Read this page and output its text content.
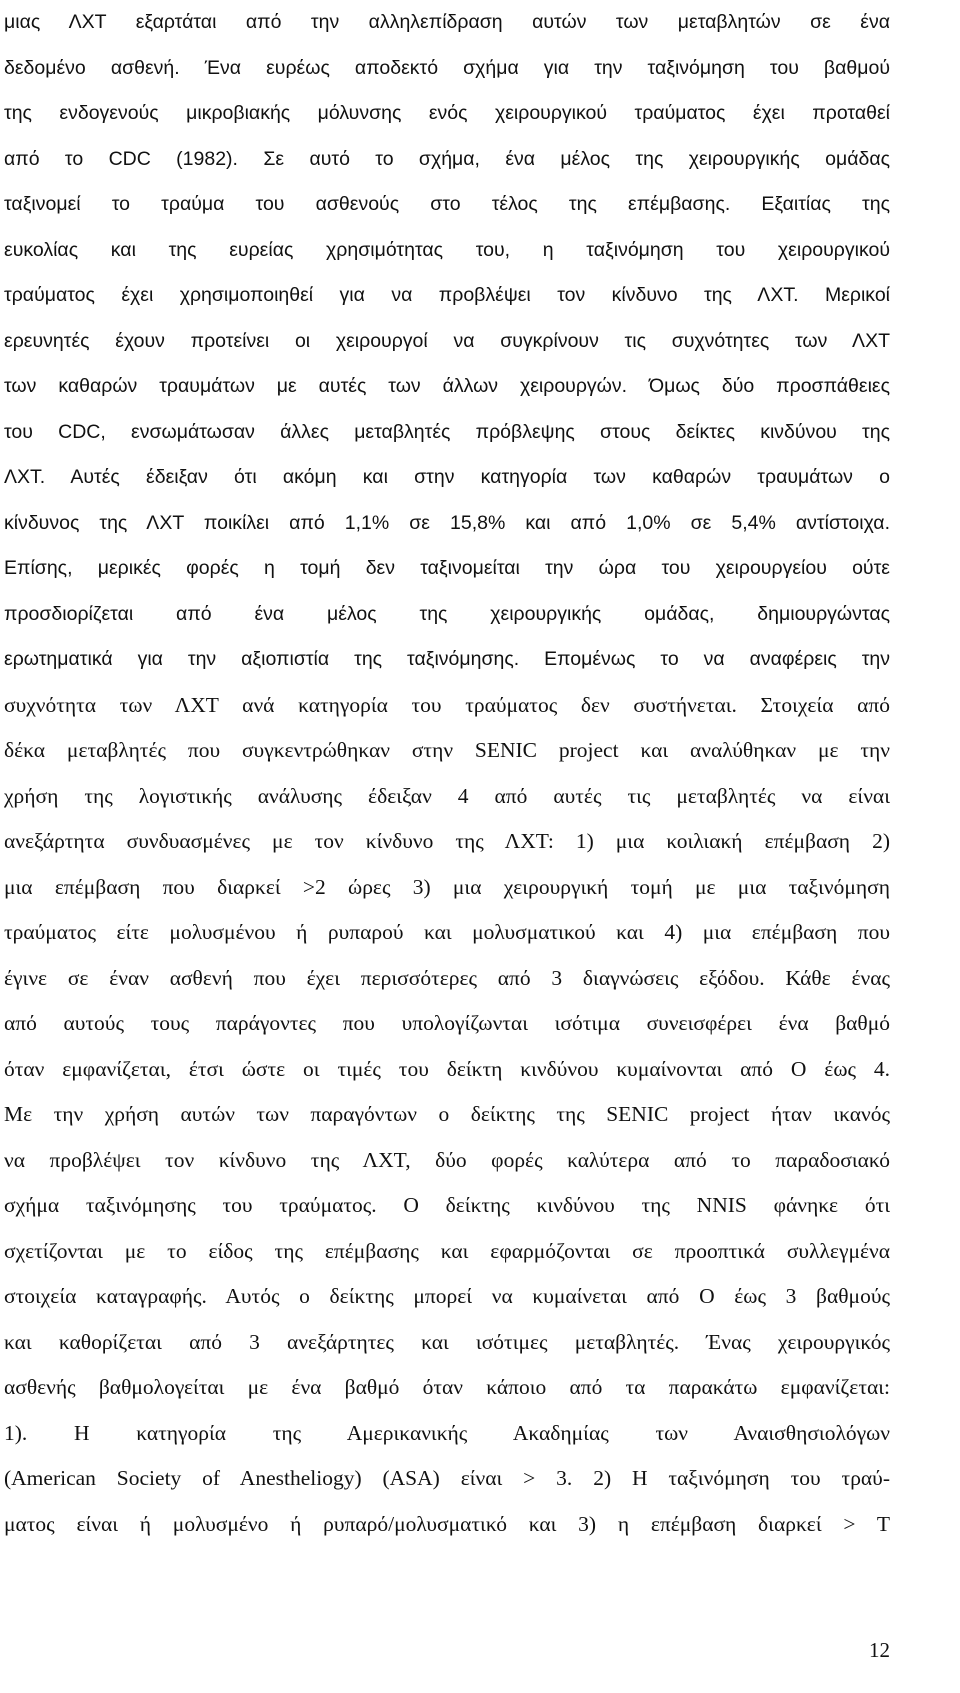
μιας ΛΧΤ εξαρτάται από την αλληλεπίδραση αυτών των μεταβλητών σε ένα
δεδομένο ασθενή. Ένα ευρέως αποδεκτό σχήμα για την ταξινόμηση του βαθμού
της ενδογενούς μικροβιακής μόλυνσης ενός χειρουργικού τραύματος έχει προταθεί
από το CDC (1982). Σε αυτό το σχήμα, ένα μέλος της χειρουργικής ομάδας
ταξινομεί το τραύμα του ασθενούς στο τέλος της επέμβασης. Εξαιτίας της
ευκολίας και της ευρείας χρησιμότητας του, η ταξινόμηση του χειρουργικού
τραύματος έχει χρησιμοποιηθεί για να προβλέψει τον κίνδυνο της ΛΧΤ. Μερικοί
ερευνητές έχουν προτείνει οι χειρουργοί να συγκρίνουν τις συχνότητες των ΛΧΤ
των καθαρών τραυμάτων με αυτές των άλλων χειρουργών. Όμως δύο προσπάθειες
του CDC, ενσωμάτωσαν άλλες μεταβλητές πρόβλεψης στους δείκτες κινδύνου της
ΛΧΤ. Αυτές έδειξαν ότι ακόμη και στην κατηγορία των καθαρών τραυμάτων ο
κίνδυνος της ΛΧΤ ποικίλει από 1,1% σε 15,8% και από 1,0% σε 5,4% αντίστοιχα.
Επίσης, μερικές φορές η τομή δεν ταξινομείται την ώρα του χειρουργείου ούτε
προσδιορίζεται από ένα μέλος της χειρουργικής ομάδας, δημιουργώντας
ερωτηματικά για την αξιοπιστία της ταξινόμησης. Επομένως το να αναφέρεις την
συχνότητα των ΛΧΤ ανά κατηγορία του τραύματος δεν συστήνεται. Στοιχεία από
δέκα μεταβλητές που συγκεντρώθηκαν στην SENIC project και αναλύθηκαν με την
χρήση της λογιστικής ανάλυσης έδειξαν 4 από αυτές τις μεταβλητές να είναι
ανεξάρτητα συνδυασμένες με τον κίνδυνο της ΛΧΤ: 1) μια κοιλιακή επέμβαση 2)
μια επέμβαση που διαρκεί >2 ώρες 3) μια χειρουργική τομή με μια ταξινόμηση
τραύματος είτε μολυσμένου ή ρυπαρού και μολυσματικού και 4) μια επέμβαση που
έγινε σε έναν ασθενή που έχει περισσότερες από 3 διαγνώσεις εξόδου. Κάθε ένας
από αυτούς τους παράγοντες που υπολογίζωνται ισότιμα συνεισφέρει ένα βαθμό
όταν εμφανίζεται, έτσι ώστε οι τιμές του δείκτη κινδύνου κυμαίνονται από Ο έως 4.
Με την χρήση αυτών των παραγόντων ο δείκτης της SENIC project ήταν ικανός
να προβλέψει τον κίνδυνο της ΛΧΤ, δύο φορές καλύτερα από το παραδοσιακό
σχήμα ταξινόμησης του τραύματος. Ο δείκτης κινδύνου της NNIS φάνηκε ότι
σχετίζονται με το είδος της επέμβασης και εφαρμόζονται σε προοπτικά συλλεγμένα
στοιχεία καταγραφής. Αυτός ο δείκτης μπορεί να κυμαίνεται από Ο έως 3 βαθμούς
και καθορίζεται από 3 ανεξάρτητες και ισότιμες μεταβλητές. Ένας χειρουργικός
ασθενής βαθμολογείται με ένα βαθμό όταν κάποιο από τα παρακάτω εμφανίζεται:
1). Η κατηγορία της Αμερικανικής Ακαδημίας των Αναισθησιολόγων
(American Society of Anestheliogy) (ASA) είναι > 3. 2) Η ταξινόμηση του τραύ-
ματος είναι ή μολυσμένο ή ρυπαρό/μολυσματικό και 3) η επέμβαση διαρκεί > Τ
12
